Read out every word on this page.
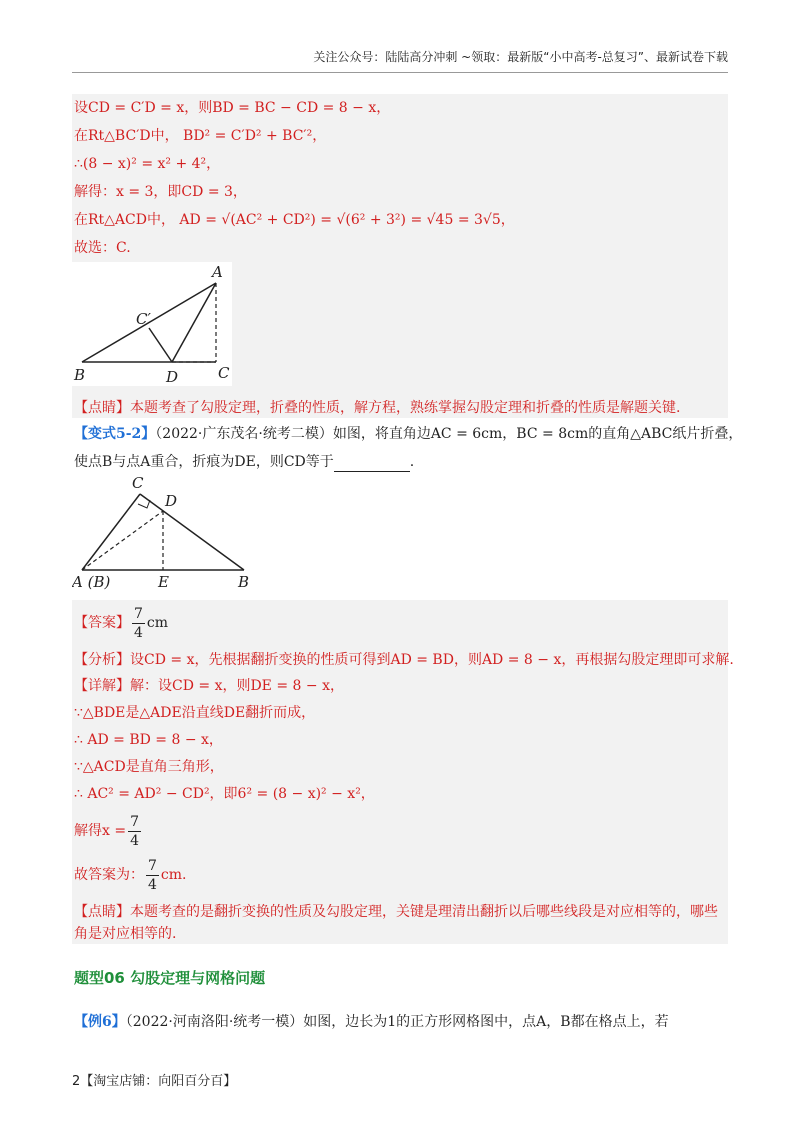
关注公众号：陆陆高分冲刺 ~领取：最新版“小中高考-总复习”、最新试卷下载
设CD = C′D = x，则BD = BC − CD = 8 − x，
在Rt△BC′D中， BD² = C′D² + BC′²，
∴(8 − x)² = x² + 4²，
解得：x = 3，即CD = 3，
在Rt△ACD中， AD = √(AC² + CD²) = √(6² + 3²) = √45 = 3√5，
故选：C.
A
C′
B	D	C
【点睛】本题考查了勾股定理，折叠的性质，解方程，熟练掌握勾股定理和折叠的性质是解题关键.
【变式5-2】（2022·广东茂名·统考二模）如图，将直角边AC = 6cm，BC = 8cm的直角△ABC纸片折叠，
使点B与点A重合，折痕为DE，则CD等于	.
C
D
A (B)	E	B
【答案】 $\frac{7}{4}$ cm
【分析】设CD = x，先根据翻折变换的性质可得到AD = BD，则AD = 8 − x，再根据勾股定理即可求解.
【详解】解：设CD = x，则DE = 8 − x，
∵△BDE是△ADE沿直线DE翻折而成，
∴ AD = BD = 8 − x，
∵△ACD是直角三角形，
∴ AC² = AD² − CD²，即6² = (8 − x)² − x²，
解得$x = \frac{7}{4}$
故答案为： $\frac{7}{4}$ cm.
【点睛】本题考查的是翻折变换的性质及勾股定理，关键是理清出翻折以后哪些线段是对应相等的，哪些
角是对应相等的.
题型06 勾股定理与网格问题
【例6】（2022·河南洛阳·统考一模）如图，边长为1的正方形网格图中，点A，B都在格点上，若
2【淘宝店铺：向阳百分百】
